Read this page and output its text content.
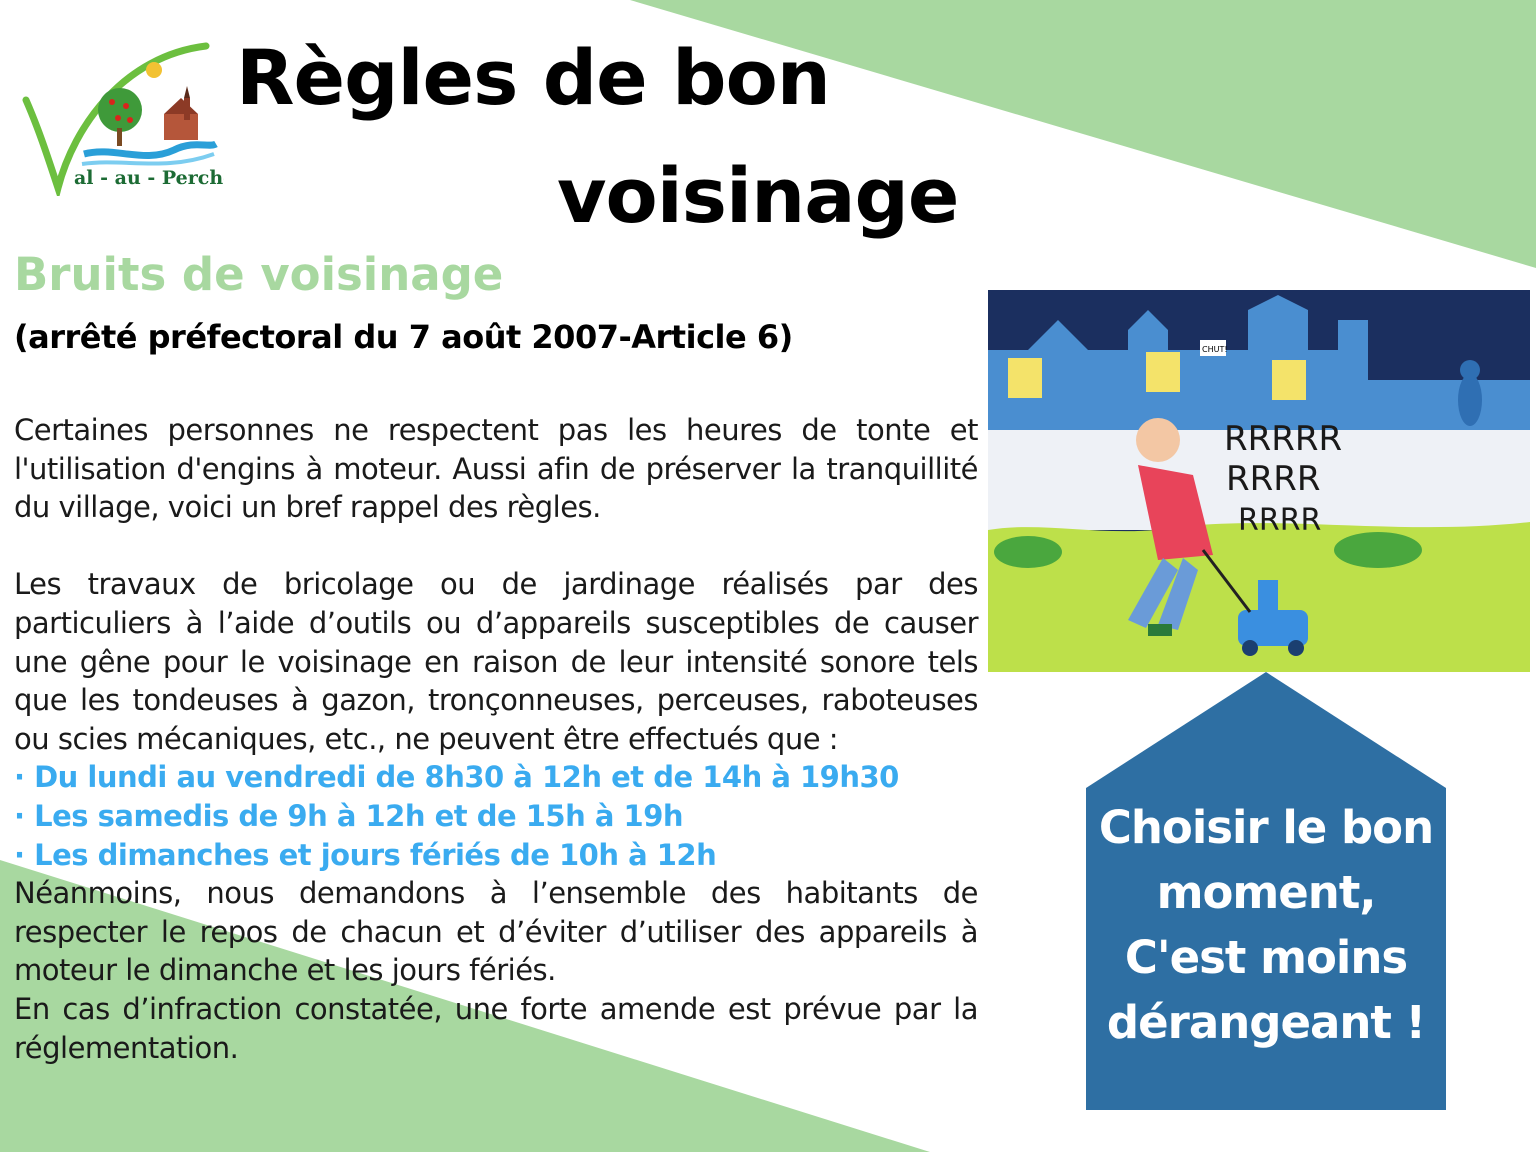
al - au - Perche
Règles de bon
voisinage
Bruits de voisinage

(arrêté préfectoral du 7 août 2007-Article 6)

Certaines personnes ne respectent pas les heures de tonte et l'utilisation d'engins à moteur. Aussi afin de préserver la tranquillité du village, voici un bref rappel des règles.

Les travaux de bricolage ou de jardinage réalisés par des particuliers à l’aide d’outils ou d’appareils susceptibles de causer une gêne pour le voisinage en raison de leur intensité sonore tels que les tondeuses à gazon, tronçonneuses, perceuses, raboteuses ou scies mécaniques, etc., ne peuvent être effectués que :

· Du lundi au vendredi de 8h30 à 12h et de 14h à 19h30

· Les samedis de 9h à 12h et de 15h à 19h

· Les dimanches et jours fériés de 10h à 12h

Néanmoins, nous demandons à l’ensemble des habitants de respecter le repos de chacun et d’éviter d’utiliser des appareils à moteur le dimanche et les jours fériés.

En cas d’infraction constatée, une forte amende est prévue par la réglementation.

CHUT!
RRRRR
RRRR
RRRR
Choisir le bon
moment,
C'est moins
dérangeant !
